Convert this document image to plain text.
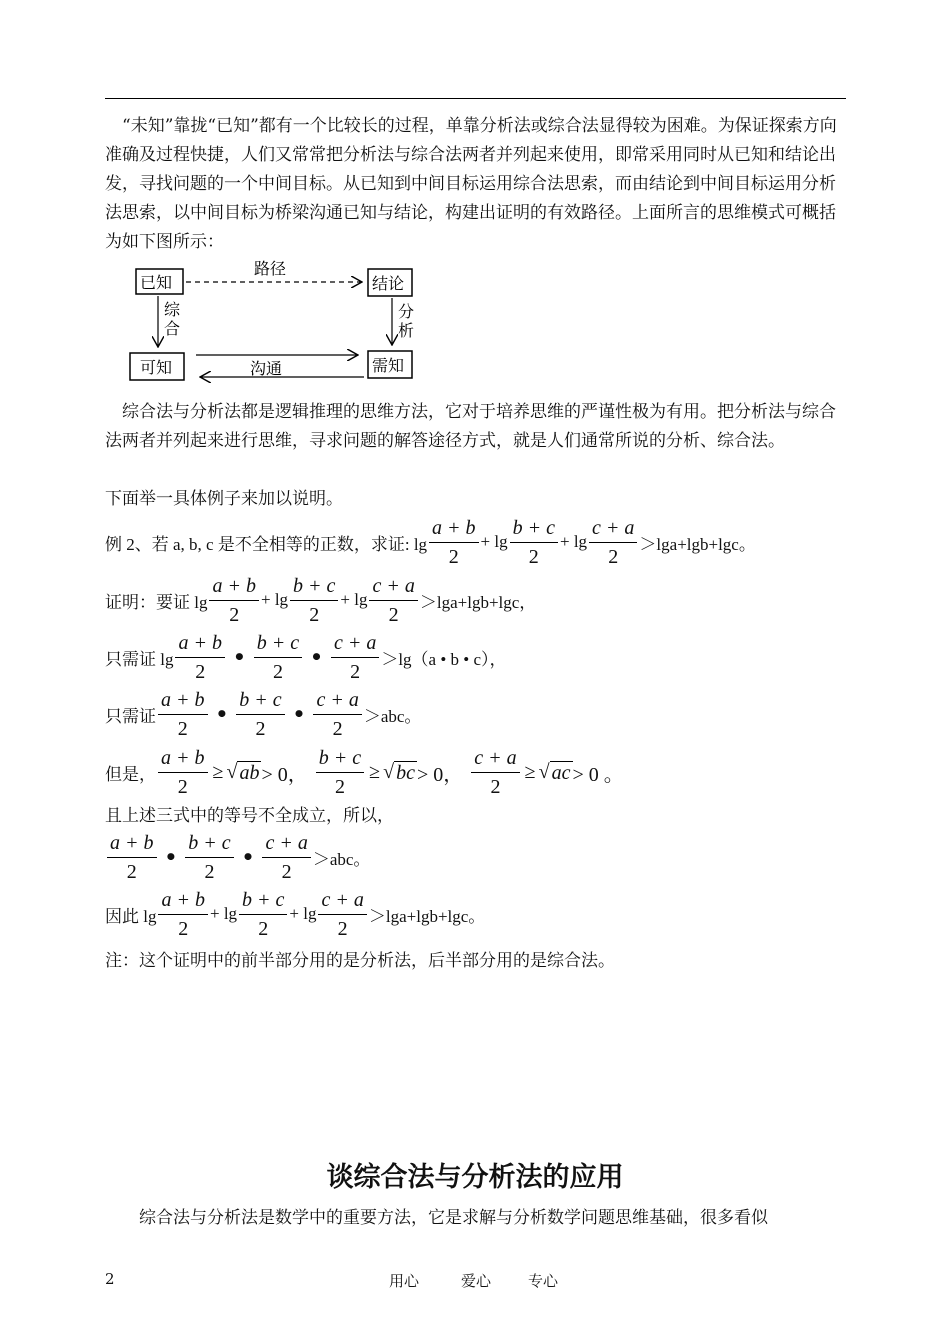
“未知”靠拢“已知”都有一个比较长的过程，单靠分析法或综合法显得较为困难。为保证探索方向准确及过程快捷，人们又常常把分析法与综合法两者并列起来使用，即常采用同时从已知和结论出发，寻找问题的一个中间目标。从已知到中间目标运用综合法思索，而由结论到中间目标运用分析法思索，以中间目标为桥梁沟通已知与结论，构建出证明的有效路径。上面所言的思维模式可概括为如下图所示：

已知	结论
可知	需知
路径
综
合
分
析
沟通

综合法与分析法都是逻辑推理的思维方法，它对于培养思维的严谨性极为有用。把分析法与综合法两者并列起来进行思维，寻求问题的解答途径方式，就是人们通常所说的分析、综合法。

下面举一具体例子来加以说明。

例 2、若 a, b, c 是不全相等的正数，求证: $\lg \frac{a + b}{2} + \lg \frac{b + c}{2} + \lg \frac{c + a}{2} >\lg a+\lg b+\lg c$。
证明：要证 $\lg \frac{a + b}{2} + \lg \frac{b + c}{2} + \lg \frac{c + a}{2} >\lg a+\lg b+\lg c$，
只需证 $\lg \frac{a + b}{2}$ • $\frac{b + c}{2}$ • $\frac{c + a}{2} >\lg(a$ • b • c），
只需证 $\frac{a + b}{2}$ • $\frac{b + c}{2}$ • $\frac{c + a}{2} >abc$。
但是， $\frac{a + b}{2}$ ≥ √ ab > 0， $\frac{b + c}{2}$ ≥ √ bc > 0， $\frac{c + a}{2}$ ≥ √ ac > 0 。
且上述三式中的等号不全成立，所以，
$\frac{a + b}{2}$ • $\frac{b + c}{2}$ • $\frac{c + a}{2} >abc$。
因此 $\lg \frac{a + b}{2} + \lg \frac{b + c}{2} + \lg \frac{c + a}{2} >\lg a+\lg b+\lg c$。
注：这个证明中的前半部分用的是分析法，后半部分用的是综合法。
谈综合法与分析法的应用

综合法与分析法是数学中的重要方法，它是求解与分析数学问题思维基础，很多看似

2	用心	爱心 专心
